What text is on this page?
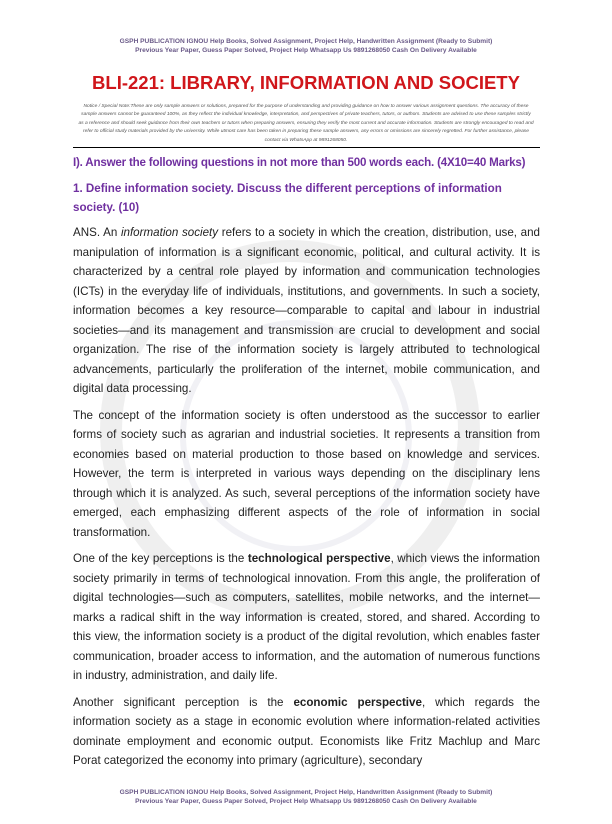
GSPH PUBLICATION IGNOU Help Books, Solved Assignment, Project Help, Handwritten Assignment (Ready to Submit)
Previous Year Paper, Guess Paper Solved, Project Help Whatsapp Us 9891268050 Cash On Delivery Available
BLI-221: LIBRARY, INFORMATION AND SOCIETY
Notice / Special Note:These are only sample answers or solutions, prepared for the purpose of understanding and providing guidance on how to answer various assignment questions. The accuracy of these sample answers cannot be guaranteed 100%, as they reflect the individual knowledge, interpretation, and perspectives of private teachers, tutors, or authors. Students are advised to use these samples strictly as a reference and should seek guidance from their own teachers or tutors when preparing answers, ensuring they verify the most current and accurate information. Students are strongly encouraged to read and refer to official study materials provided by the university. While utmost care has been taken in preparing these sample answers, any errors or omissions are sincerely regretted. For further assistance, please contact via WhatsApp at 9891268050.
I). Answer the following questions in not more than 500 words each. (4X10=40 Marks)
1. Define information society. Discuss the different perceptions of information society. (10)

ANS. An information society refers to a society in which the creation, distribution, use, and manipulation of information is a significant economic, political, and cultural activity. It is characterized by a central role played by information and communication technologies (ICTs) in the everyday life of individuals, institutions, and governments. In such a society, information becomes a key resource—comparable to capital and labour in industrial societies—and its management and transmission are crucial to development and social organization. The rise of the information society is largely attributed to technological advancements, particularly the proliferation of the internet, mobile communication, and digital data processing.

The concept of the information society is often understood as the successor to earlier forms of society such as agrarian and industrial societies. It represents a transition from economies based on material production to those based on knowledge and services. However, the term is interpreted in various ways depending on the disciplinary lens through which it is analyzed. As such, several perceptions of the information society have emerged, each emphasizing different aspects of the role of information in social transformation.

One of the key perceptions is the technological perspective, which views the information society primarily in terms of technological innovation. From this angle, the proliferation of digital technologies—such as computers, satellites, mobile networks, and the internet—marks a radical shift in the way information is created, stored, and shared. According to this view, the information society is a product of the digital revolution, which enables faster communication, broader access to information, and the automation of numerous functions in industry, administration, and daily life.

Another significant perception is the economic perspective, which regards the information society as a stage in economic evolution where information-related activities dominate employment and economic output. Economists like Fritz Machlup and Marc Porat categorized the economy into primary (agriculture), secondary

GSPH PUBLICATION IGNOU Help Books, Solved Assignment, Project Help, Handwritten Assignment (Ready to Submit)
Previous Year Paper, Guess Paper Solved, Project Help Whatsapp Us 9891268050 Cash On Delivery Available
